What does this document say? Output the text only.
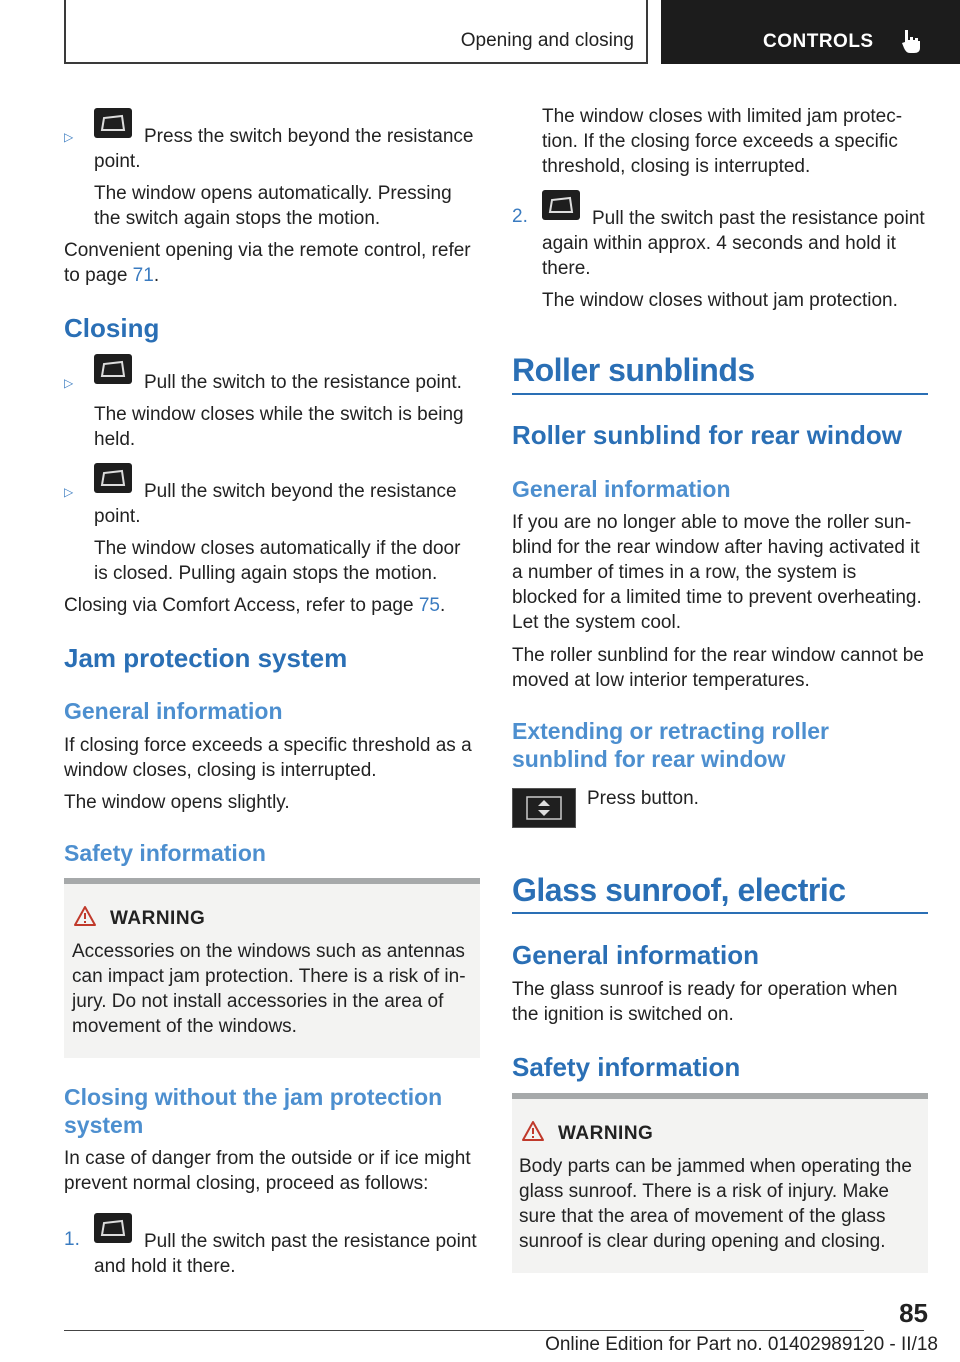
Opening and closing	CONTROLS
▷	Press the switch beyond the resistance

point.

The window opens automatically. Pressing

the switch again stops the motion.

Convenient opening via the remote control, refer

to page 71.

Closing
▷	Pull the switch to the resistance point.

The window closes while the switch is being

held.

▷	Pull the switch beyond the resistance

point.

The window closes automatically if the door

is closed. Pulling again stops the motion.

Closing via Comfort Access, refer to page 75.

Jam protection system
General information

If closing force exceeds a specific threshold as a

window closes, closing is interrupted.

The window opens slightly.

Safety information
WARNING

Accessories on the windows such as antennas

can impact jam protection. There is a risk of in-

jury. Do not install accessories in the area of

movement of the windows.

Closing without the jam protection
system

In case of danger from the outside or if ice might

prevent normal closing, proceed as follows:

1.	Pull the switch past the resistance point

and hold it there.

The window closes with limited jam protec-

tion. If the closing force exceeds a specific

threshold, closing is interrupted.

2.	Pull the switch past the resistance point

again within approx. 4 seconds and hold it

there.

The window closes without jam protection.

Roller sunblinds
Roller sunblind for rear window
General information

If you are no longer able to move the roller sun-

blind for the rear window after having activated it

a number of times in a row, the system is

blocked for a limited time to prevent overheating.

Let the system cool.

The roller sunblind for the rear window cannot be

moved at low interior temperatures.

Extending or retracting roller
sunblind for rear window

Press button.

Glass sunroof, electric
General information

The glass sunroof is ready for operation when

the ignition is switched on.

Safety information
WARNING

Body parts can be jammed when operating the

glass sunroof. There is a risk of injury. Make

sure that the area of movement of the glass

sunroof is clear during opening and closing.

85
Online Edition for Part no. 01402989120 - II/18
